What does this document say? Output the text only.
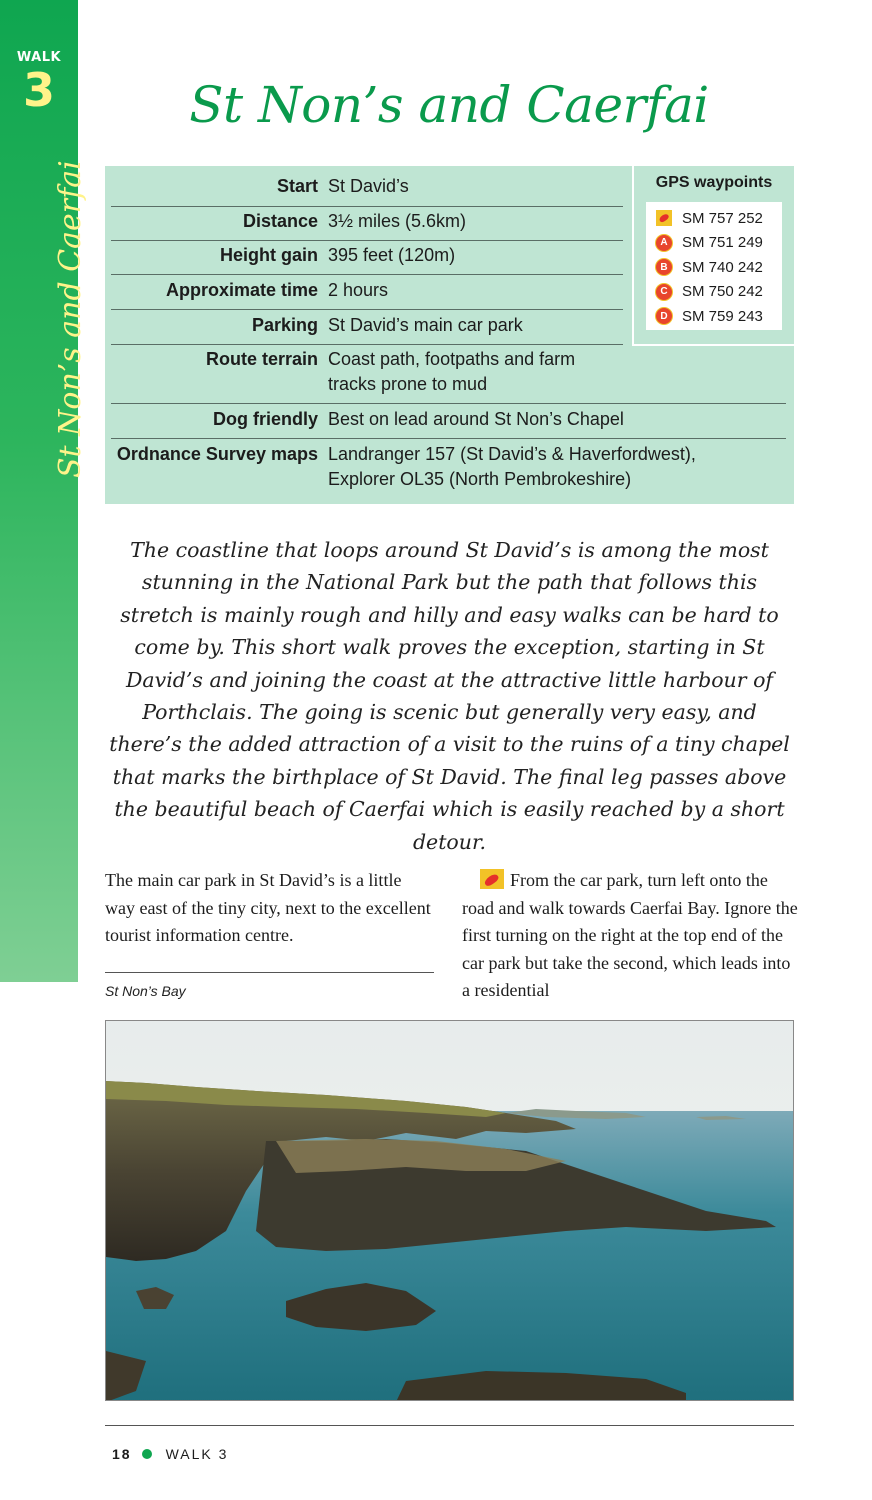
WALK
3
St Non’s and Caerfai
St Non’s and Caerfai
Start St David’s
Distance 3½ miles (5.6km)
Height gain 395 feet (120m)
Approximate time 2 hours
Parking St David’s main car park
Route terrain Coast path, footpaths and farm
tracks prone to mud
Dog friendly Best on lead around St Non’s Chapel
Ordnance Survey maps Landranger 157 (St David’s & Haverfordwest),
Explorer OL35 (North Pembrokeshire)
GPS waypoints
SM 757 252
A SM 751 249
B SM 740 242
C SM 750 242
D SM 759 243

The coastline that loops around St David’s is among the most stunning in the National Park but the path that follows this stretch is mainly rough and hilly and easy walks can be hard to come by. This short walk proves the exception, starting in St David’s and joining the coast at the attractive little harbour of Porthclais. The going is scenic but generally very easy, and there’s the added attraction of a visit to the ruins of a tiny chapel that marks the birthplace of St David. The final leg passes above the beautiful beach of Caerfai which is easily reached by a short detour.

The main car park in St David’s is a little way east of the tiny city, next to the excellent tourist information centre.

St Non’s Bay

From the car park, turn left onto the road and walk towards Caerfai Bay. Ignore the first turning on the right at the top end of the car park but take the second, which leads into a residential

18 WALK 3
